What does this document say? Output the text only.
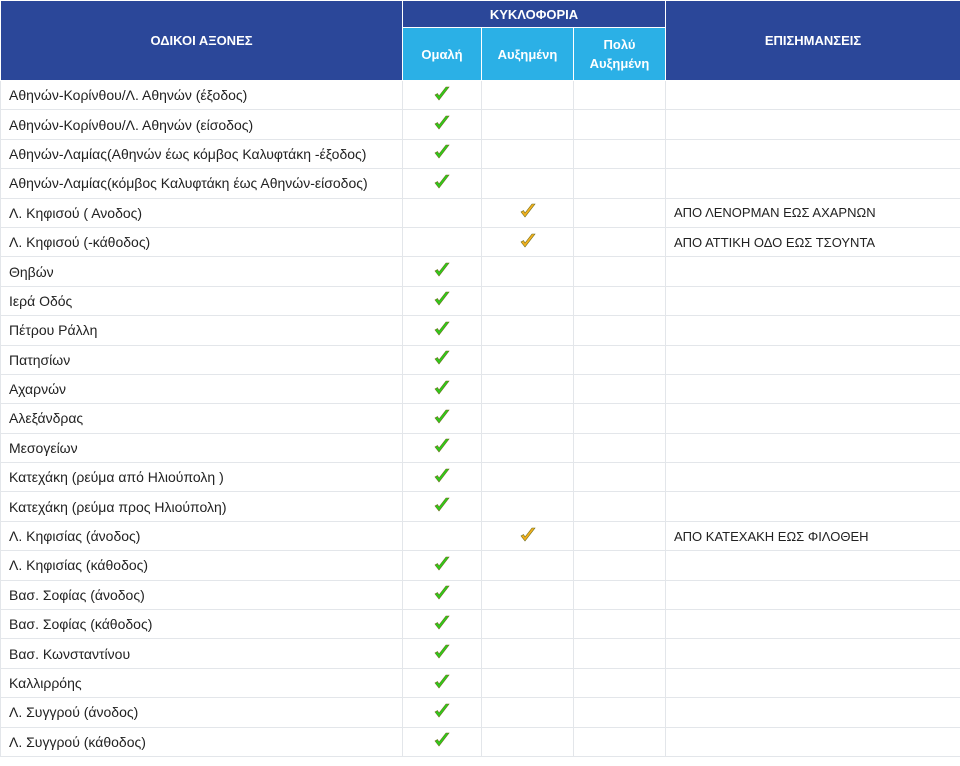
ΟΔΙΚΟΙ ΑΞΟΝΕΣ	ΚΥΚΛΟΦΟΡΙΑ			ΕΠΙΣΗΜΑΝΣΕΙΣ
	Ομαλή	Αυξημένη	Πολύ Αυξημένη	
Αθηνών-Κορίνθου/Λ. Αθηνών (έξοδος)				
Αθηνών-Κορίνθου/Λ. Αθηνών (είσοδος)				
Αθηνών-Λαμίας(Αθηνών έως κόμβος Καλυφτάκη -έξοδος)				
Αθηνών-Λαμίας(κόμβος Καλυφτάκη έως Αθηνών-είσοδος)				
Λ. Κηφισού ( Ανοδος)				ΑΠΟ ΛΕΝΟΡΜΑΝ ΕΩΣ ΑΧΑΡΝΩΝ
Λ. Κηφισού (-κάθοδος)				ΑΠΟ ΑΤΤΙΚΗ ΟΔΟ ΕΩΣ ΤΣΟΥΝΤΑ
Θηβών				
Ιερά Οδός				
Πέτρου Ράλλη				
Πατησίων				
Αχαρνών				
Αλεξάνδρας				
Μεσογείων				
Κατεχάκη (ρεύμα από Ηλιούπολη )				
Κατεχάκη (ρεύμα προς Ηλιούπολη)				
Λ. Κηφισίας (άνοδος)				ΑΠΟ ΚΑΤΕΧΑΚΗ ΕΩΣ ΦΙΛΟΘΕΗ
Λ. Κηφισίας (κάθοδος)				
Βασ. Σοφίας (άνοδος)				
Βασ. Σοφίας (κάθοδος)				
Βασ. Κωνσταντίνου				
Καλλιρρόης				
Λ. Συγγρού (άνοδος)				
Λ. Συγγρού (κάθοδος)				
